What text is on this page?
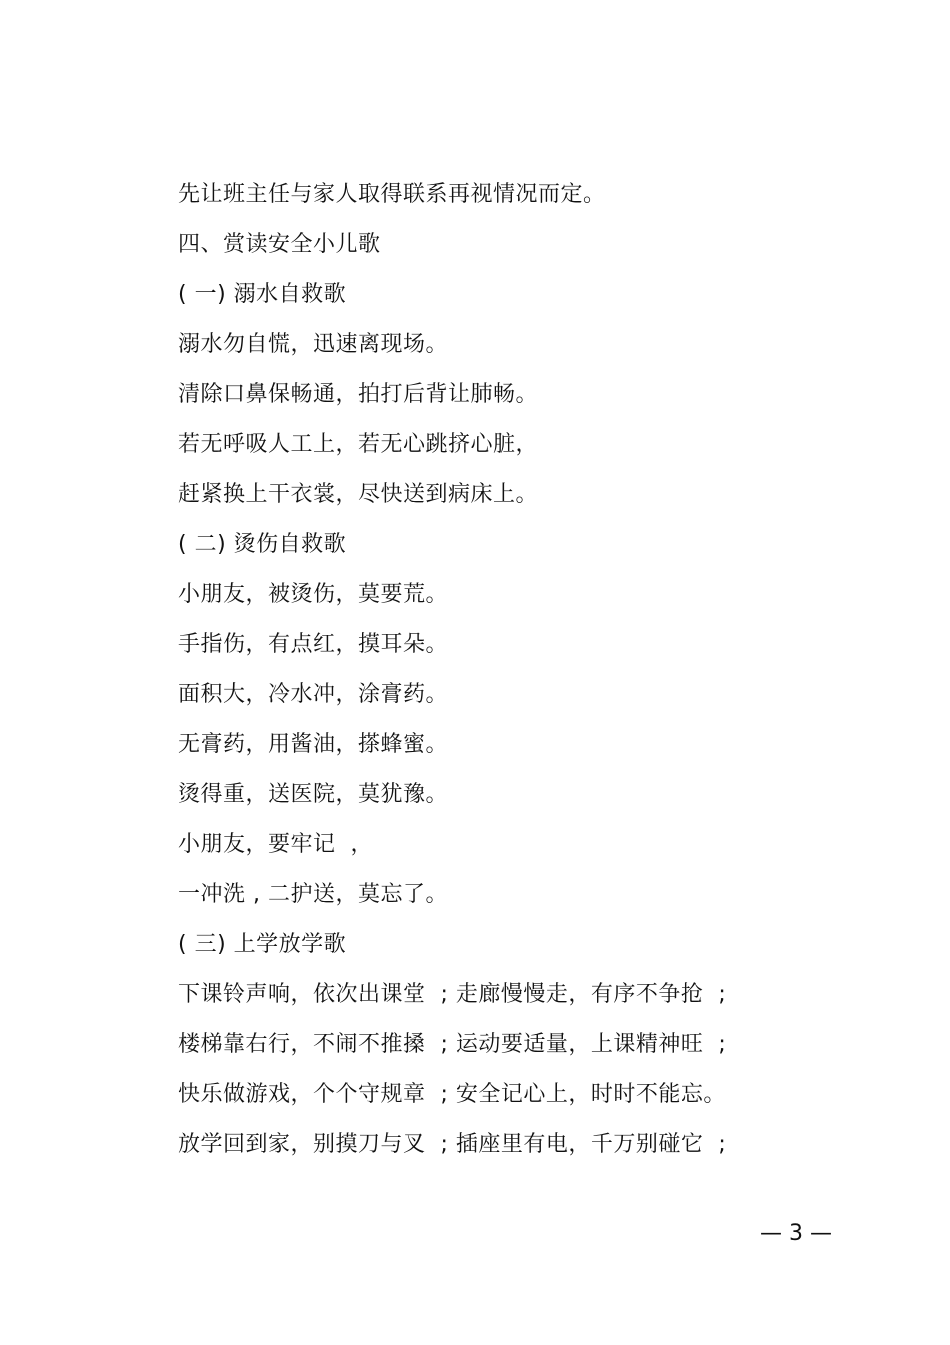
先让班主任与家人取得联系再视情况而定。
四、赏读安全小儿歌
( 一) 溺水自救歌
溺水勿自慌，迅速离现场。
清除口鼻保畅通，拍打后背让肺畅。
若无呼吸人工上，若无心跳挤心脏，
赶紧换上干衣裳，尽快送到病床上。
( 二) 烫伤自救歌
小朋友，被烫伤，莫要荒。
手指伤，有点红，摸耳朵。
面积大，冷水冲，涂膏药。
无膏药，用酱油，搽蜂蜜。
烫得重，送医院，莫犹豫。
小朋友，要牢记  ，
一冲洗 , 二护送，莫忘了。
( 三) 上学放学歌
下课铃声响，依次出课堂  ; 走廊慢慢走，有序不争抢  ;
楼梯靠右行，不闹不推搡  ; 运动要适量，上课精神旺  ;
快乐做游戏，个个守规章  ; 安全记心上，时时不能忘。
放学回到家，别摸刀与叉  ; 插座里有电，千万别碰它  ;
— 3 —
